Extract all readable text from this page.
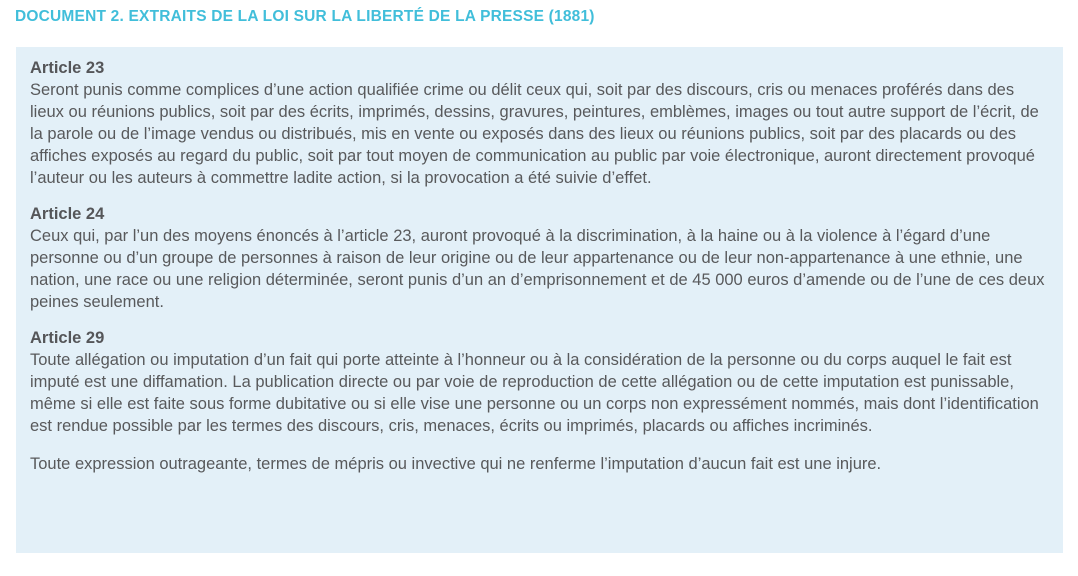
DOCUMENT 2. EXTRAITS DE LA LOI SUR LA LIBERTÉ DE LA PRESSE (1881)
Article 23

Seront punis comme complices d’une action qualifiée crime ou délit ceux qui, soit par des discours, cris ou menaces proférés dans des lieux ou réunions publics, soit par des écrits, imprimés, dessins, gravures, peintures, emblèmes, images ou tout autre support de l’écrit, de la parole ou de l’image vendus ou distribués, mis en vente ou exposés dans des lieux ou réunions publics, soit par des placards ou des affiches exposés au regard du public, soit par tout moyen de communication au public par voie électronique, auront directement provoqué l’auteur ou les auteurs à commettre ladite action, si la provocation a été suivie d’effet.

Article 24

Ceux qui, par l’un des moyens énoncés à l’article 23, auront provoqué à la discrimination, à la haine ou à la violence à l’égard d’une personne ou d’un groupe de personnes à raison de leur origine ou de leur appartenance ou de leur non-appartenance à une ethnie, une nation, une race ou une religion déterminée, seront punis d’un an d’emprisonnement et de 45 000 euros d’amende ou de l’une de ces deux peines seulement.

Article 29

Toute allégation ou imputation d’un fait qui porte atteinte à l’honneur ou à la considération de la personne ou du corps auquel le fait est imputé est une diffamation. La publication directe ou par voie de reproduction de cette allégation ou de cette imputation est punissable, même si elle est faite sous forme dubitative ou si elle vise une personne ou un corps non expressément nommés, mais dont l’identification est rendue possible par les termes des discours, cris, menaces, écrits ou imprimés, placards ou affiches incriminés.

Toute expression outrageante, termes de mépris ou invective qui ne renferme l’imputation d’aucun fait est une injure.
